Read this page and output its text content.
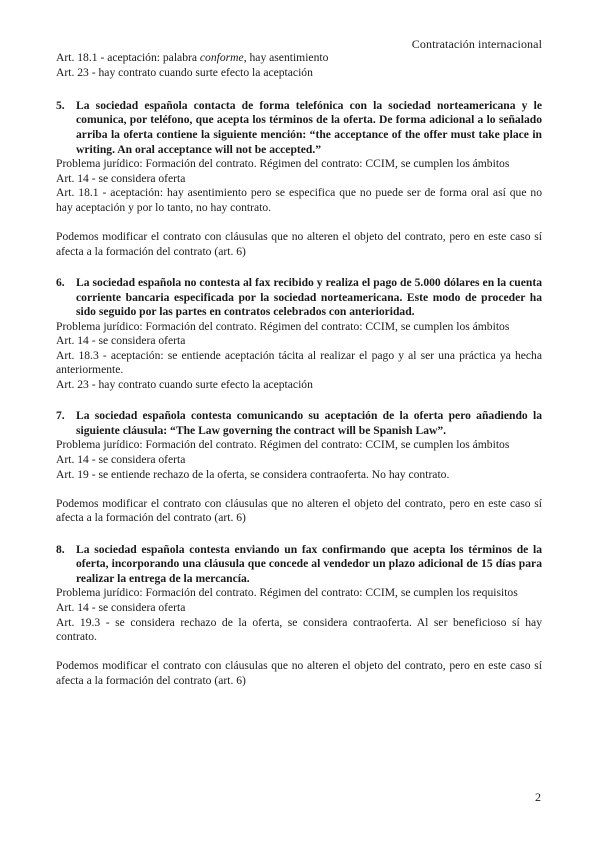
Contratación internacional

Art. 18.1 - aceptación: palabra conforme, hay asentimiento

Art. 23 - hay contrato cuando surte efecto la aceptación

5. La sociedad española contacta de forma telefónica con la sociedad norteamericana y le comunica, por teléfono, que acepta los términos de la oferta. De forma adicional a lo señalado arriba la oferta contiene la siguiente mención: “the acceptance of the offer must take place in writing. An oral acceptance will not be accepted.”

Problema jurídico: Formación del contrato. Régimen del contrato: CCIM, se cumplen los ámbitos

Art. 14 - se considera oferta

Art. 18.1 - aceptación: hay asentimiento pero se especifica que no puede ser de forma oral así que no hay aceptación y por lo tanto, no hay contrato.

Podemos modificar el contrato con cláusulas que no alteren el objeto del contrato, pero en este caso sí afecta a la formación del contrato (art. 6)

6. La sociedad española no contesta al fax recibido y realiza el pago de 5.000 dólares en la cuenta corriente bancaria especificada por la sociedad norteamericana. Este modo de proceder ha sido seguido por las partes en contratos celebrados con anterioridad.

Problema jurídico: Formación del contrato. Régimen del contrato: CCIM, se cumplen los ámbitos

Art. 14 - se considera oferta

Art. 18.3 - aceptación: se entiende aceptación tácita al realizar el pago y al ser una práctica ya hecha anteriormente.

Art. 23 - hay contrato cuando surte efecto la aceptación

7. La sociedad española contesta comunicando su aceptación de la oferta pero añadiendo la siguiente cláusula: “The Law governing the contract will be Spanish Law”.

Problema jurídico: Formación del contrato. Régimen del contrato: CCIM, se cumplen los ámbitos

Art. 14 - se considera oferta

Art. 19 - se entiende rechazo de la oferta, se considera contraoferta. No hay contrato.

Podemos modificar el contrato con cláusulas que no alteren el objeto del contrato, pero en este caso sí afecta a la formación del contrato (art. 6)

8. La sociedad española contesta enviando un fax confirmando que acepta los términos de la oferta, incorporando una cláusula que concede al vendedor un plazo adicional de 15 días para realizar la entrega de la mercancía.

Problema jurídico: Formación del contrato. Régimen del contrato: CCIM, se cumplen los requisitos

Art. 14 - se considera oferta

Art. 19.3 - se considera rechazo de la oferta, se considera contraoferta. Al ser beneficioso sí hay contrato.

Podemos modificar el contrato con cláusulas que no alteren el objeto del contrato, pero en este caso sí afecta a la formación del contrato (art. 6)

2
